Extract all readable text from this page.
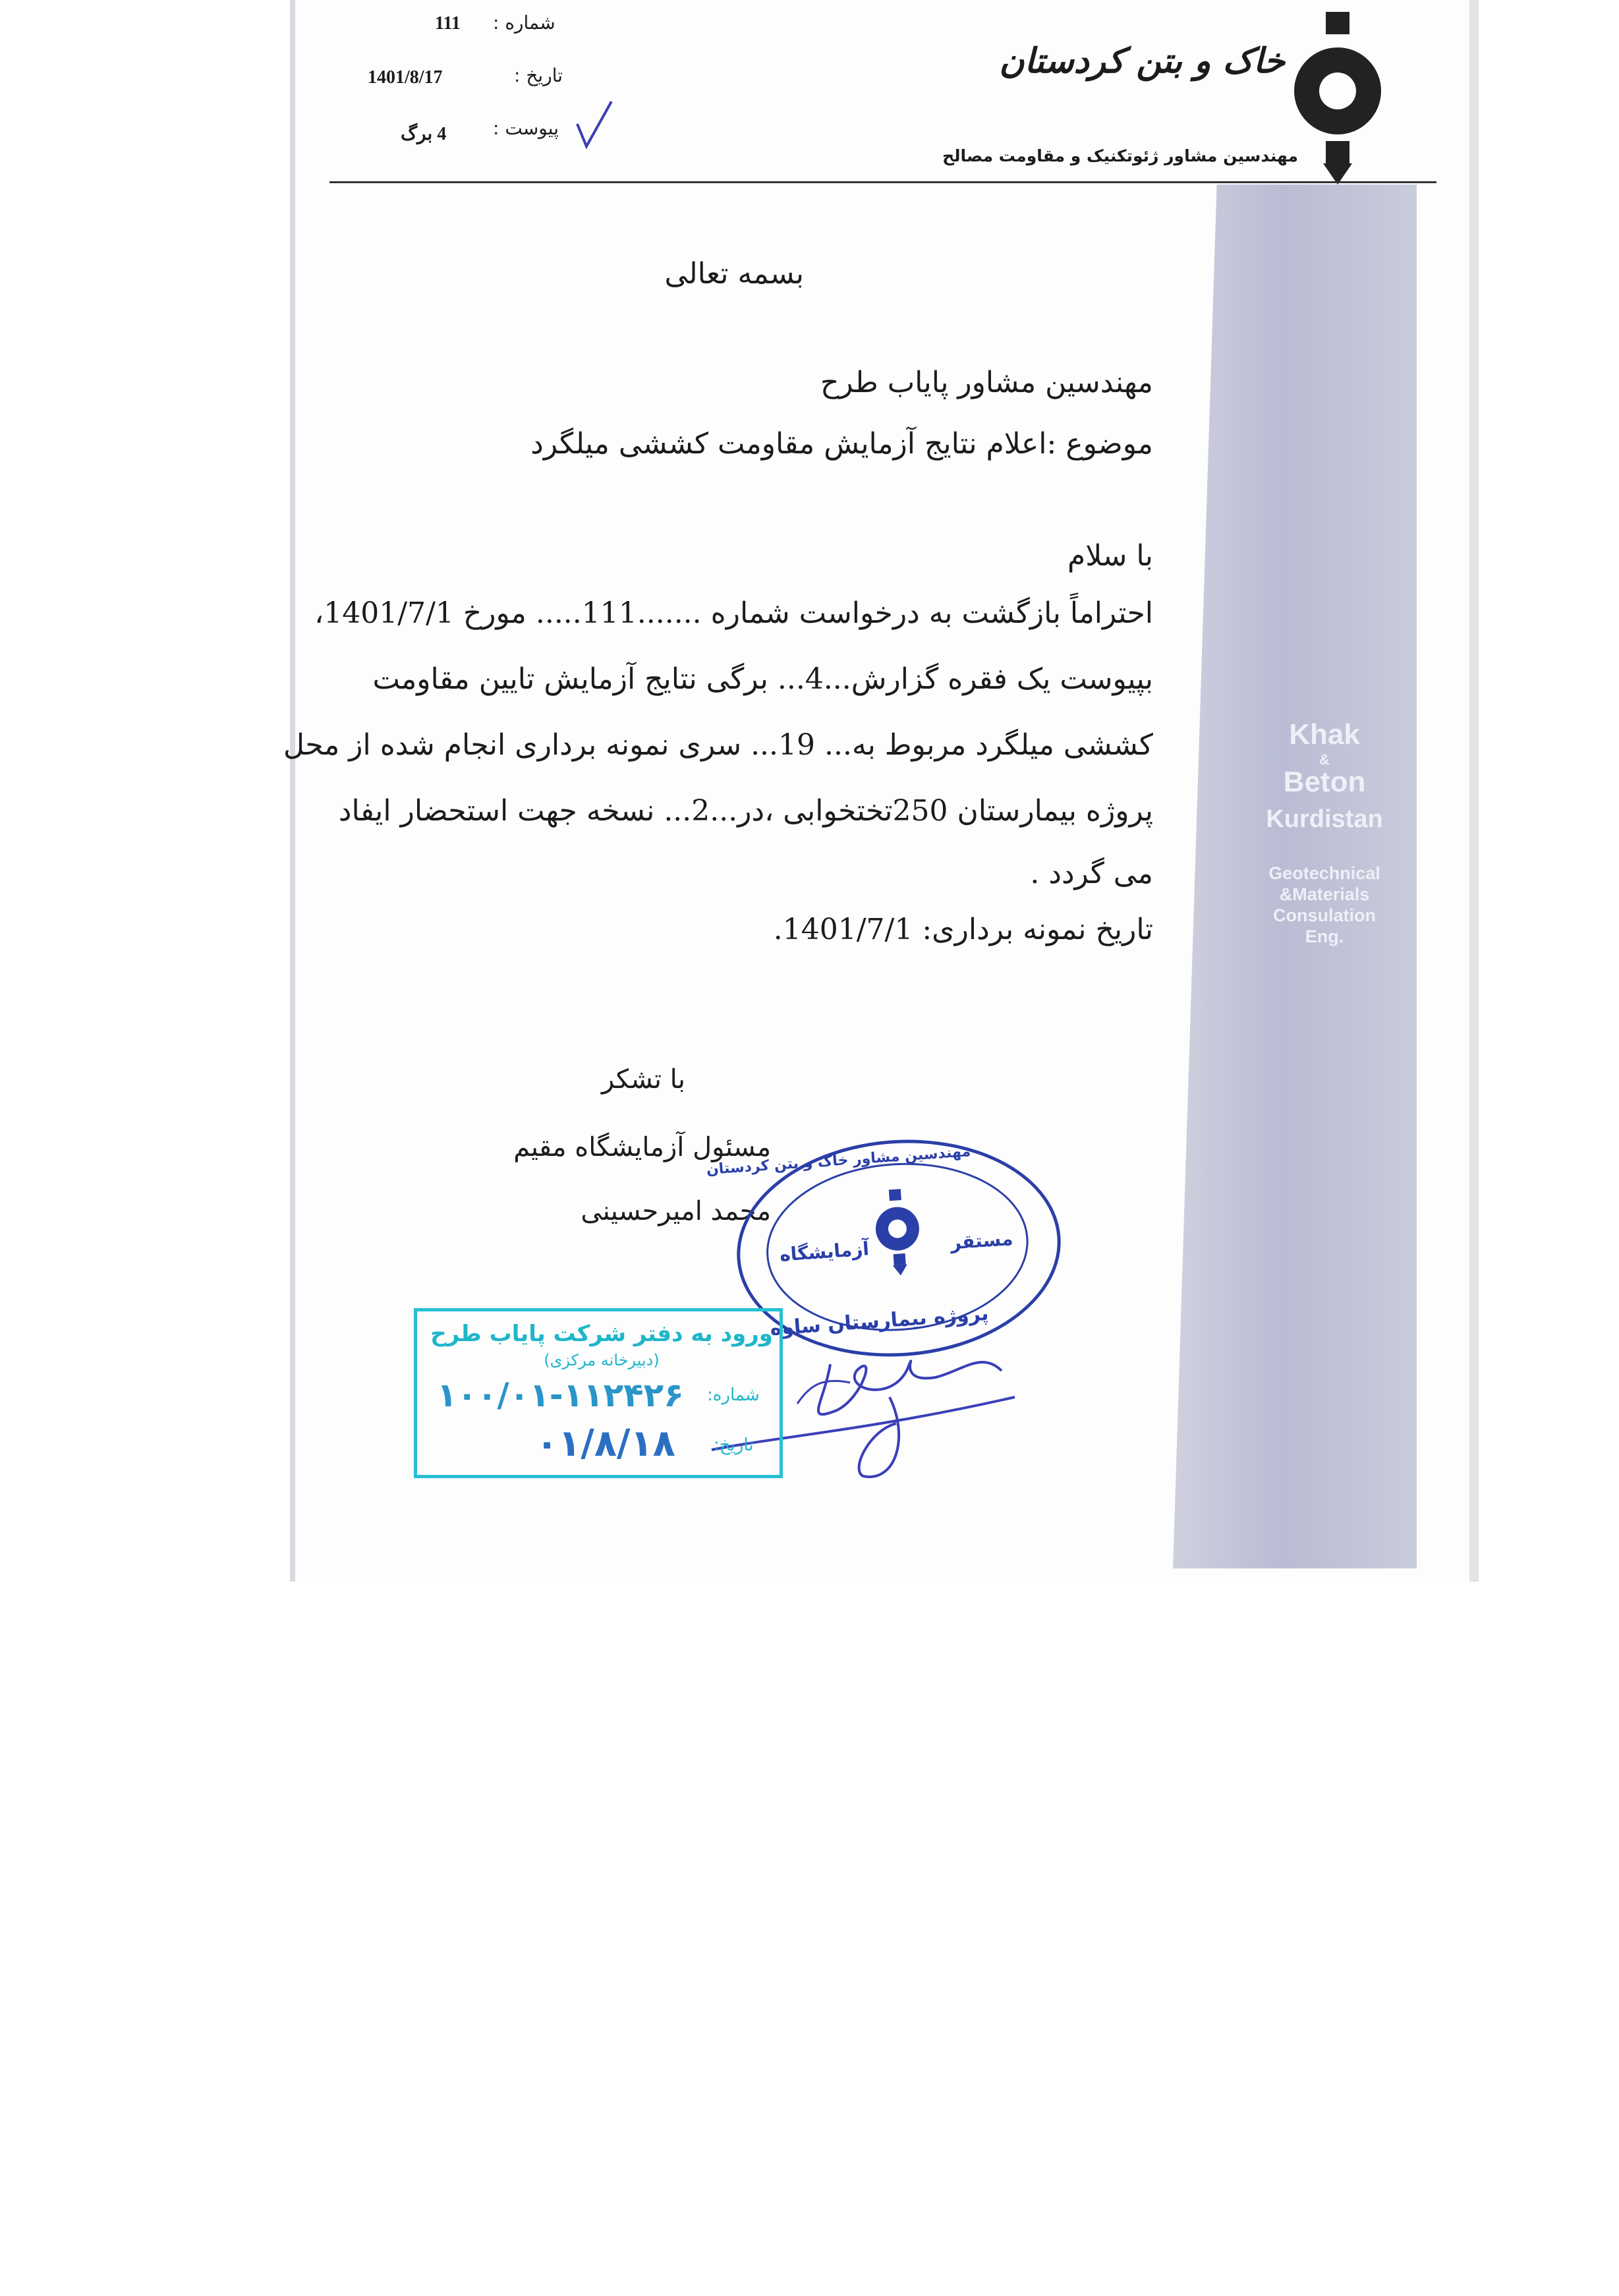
Khak
&
Beton
Kurdistan
Geotechnical
&Materials
Consulation
Eng.
شماره :
111
تاریخ :
1401/8/17
پیوست :
4 برگ
خاک و بتن کردستان
مهندسین مشاور ژئوتکنیک و مقاومت مصالح
بسمه تعالی
مهندسین مشاور پایاب طرح
موضوع :اعلام نتایج آزمایش مقاومت کششی میلگرد
با سلام
احتراماً بازگشت به درخواست شماره .......111..... مورخ 1401/7/1،
بپیوست یک فقره گزارش...4... برگی نتایج آزمایش تایین مقاومت
کششی میلگرد مربوط به... 19... سری نمونه برداری انجام شده از محل
پروژه بیمارستان 250تختخوابی ،در...2... نسخه جهت استحضار ایفاد
می گردد .
تاریخ نمونه برداری: 1401/7/1.
با تشکر
مسئول آزمایشگاه مقیم
محمد امیرحسینی
مهندسین مشاور خاک و بتن کردستان
آزمایشگاه	مستقر
پروژه بیمارستان ساوه
ورود به دفتر شرکت پایاب طرح
(دبیرخانه مرکزی)
شماره:
۱۰۰/۰۱-۱۱۲۴۲۶
تاریخ:
۰۱/۸/۱۸
